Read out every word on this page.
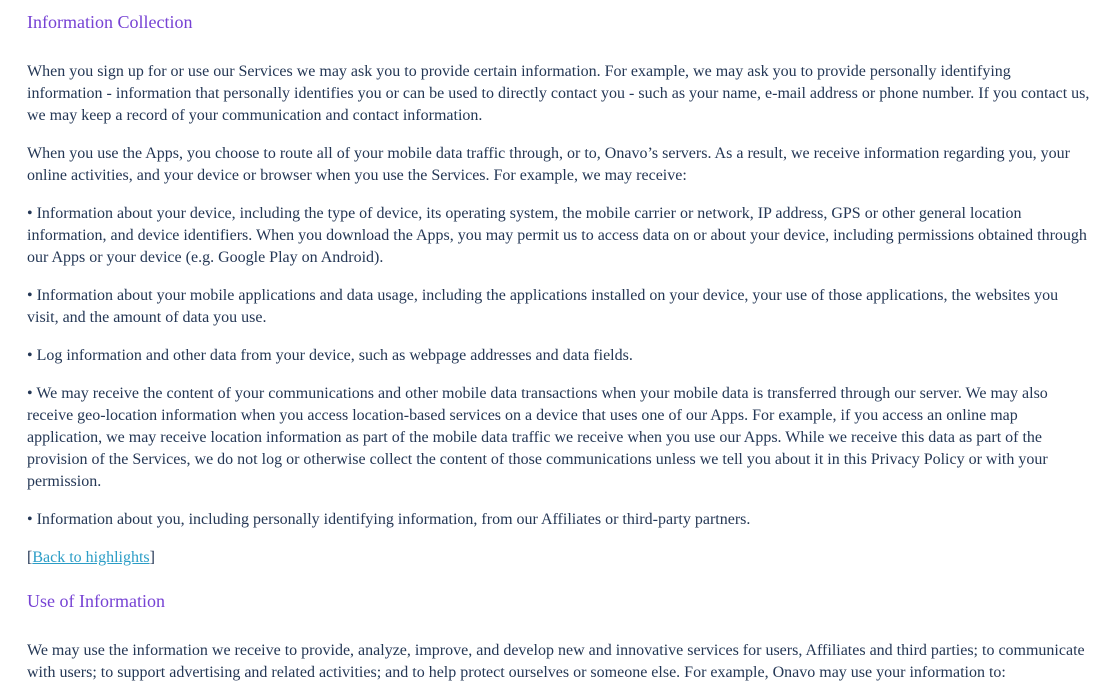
Information Collection

When you sign up for or use our Services we may ask you to provide certain information. For example, we may ask you to provide personally identifying information - information that personally identifies you or can be used to directly contact you - such as your name, e-mail address or phone number. If you contact us, we may keep a record of your communication and contact information.

When you use the Apps, you choose to route all of your mobile data traffic through, or to, Onavo’s servers. As a result, we receive information regarding you, your online activities, and your device or browser when you use the Services. For example, we may receive:

• Information about your device, including the type of device, its operating system, the mobile carrier or network, IP address, GPS or other general location information, and device identifiers. When you download the Apps, you may permit us to access data on or about your device, including permissions obtained through our Apps or your device (e.g. Google Play on Android).

• Information about your mobile applications and data usage, including the applications installed on your device, your use of those applications, the websites you visit, and the amount of data you use.

• Log information and other data from your device, such as webpage addresses and data fields.

• We may receive the content of your communications and other mobile data transactions when your mobile data is transferred through our server. We may also receive geo-location information when you access location-based services on a device that uses one of our Apps. For example, if you access an online map application, we may receive location information as part of the mobile data traffic we receive when you use our Apps. While we receive this data as part of the provision of the Services, we do not log or otherwise collect the content of those communications unless we tell you about it in this Privacy Policy or with your permission.

• Information about you, including personally identifying information, from our Affiliates or third-party partners.

[Back to highlights]

Use of Information

We may use the information we receive to provide, analyze, improve, and develop new and innovative services for users, Affiliates and third parties; to communicate with users; to support advertising and related activities; and to help protect ourselves or someone else. For example, Onavo may use your information to:
